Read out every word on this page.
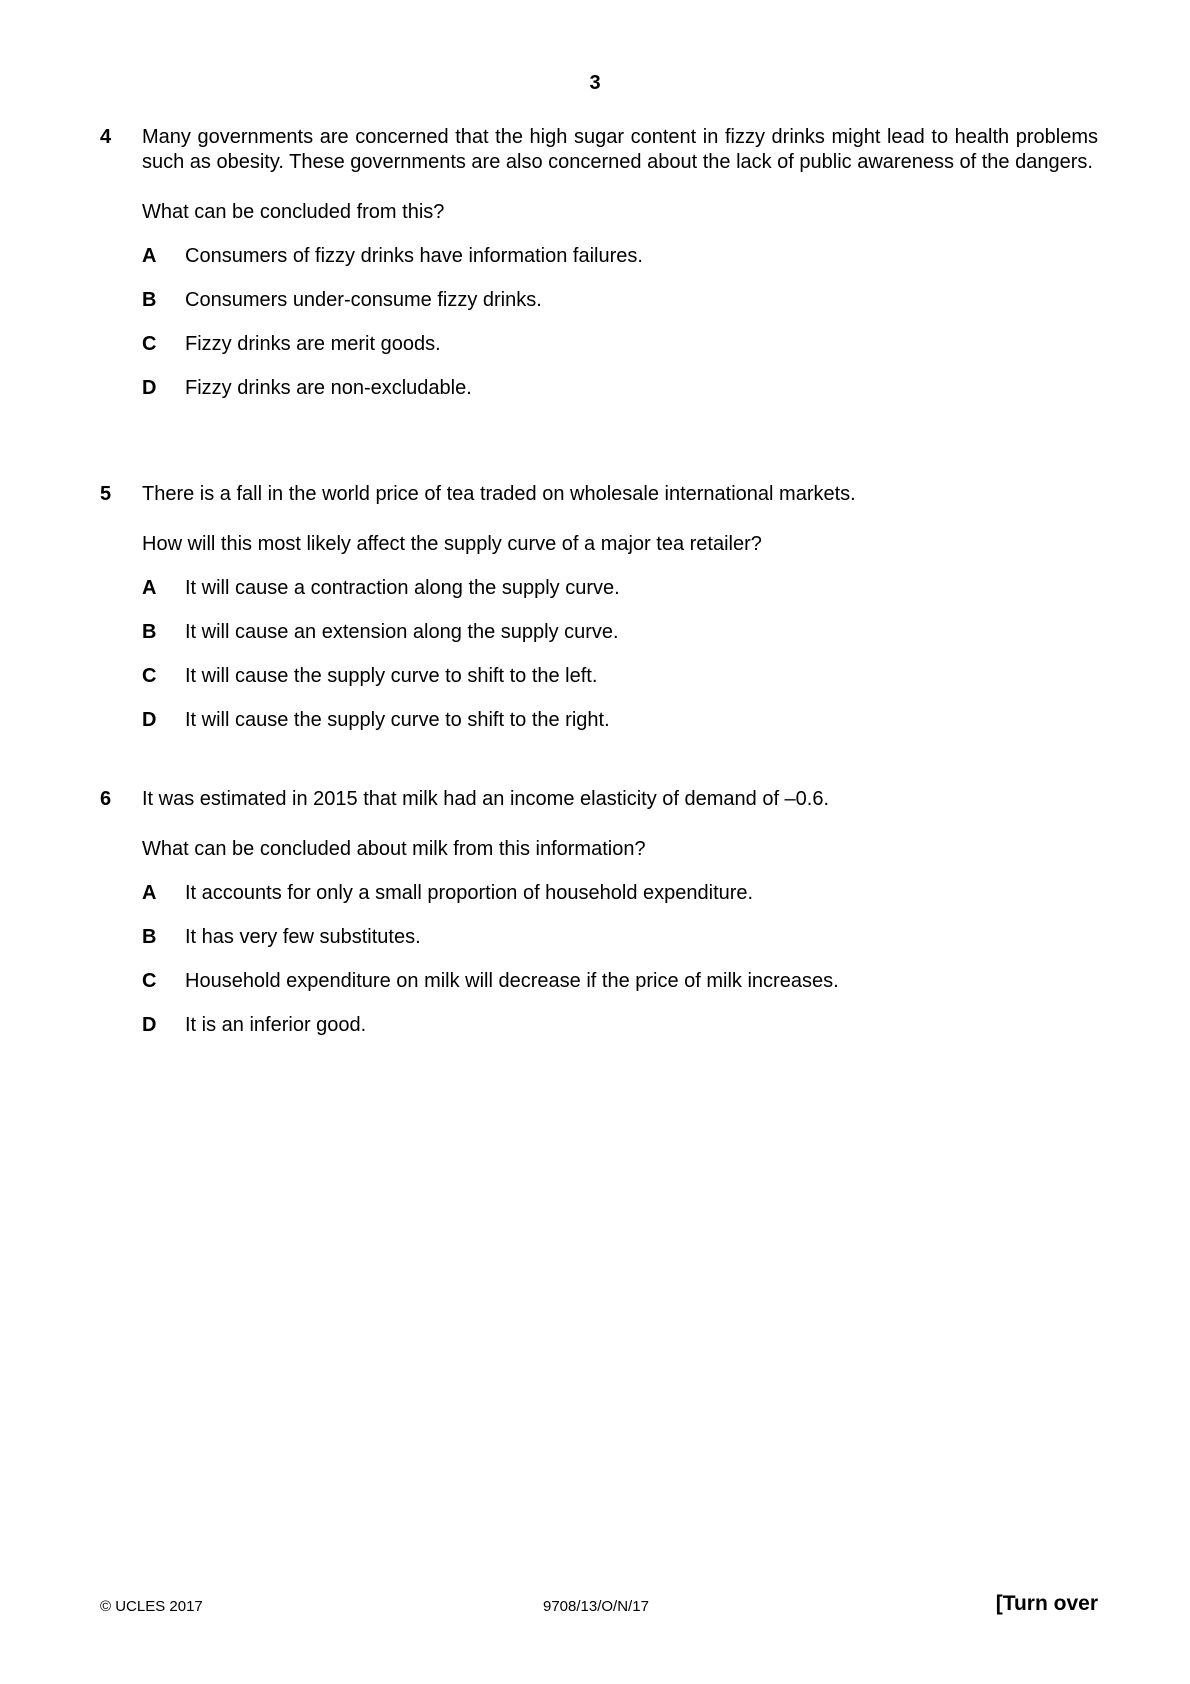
3
4 Many governments are concerned that the high sugar content in fizzy drinks might lead to health problems such as obesity. These governments are also concerned about the lack of public awareness of the dangers.
What can be concluded from this?
A Consumers of fizzy drinks have information failures.
B Consumers under-consume fizzy drinks.
C Fizzy drinks are merit goods.
D Fizzy drinks are non-excludable.
5 There is a fall in the world price of tea traded on wholesale international markets.
How will this most likely affect the supply curve of a major tea retailer?
A It will cause a contraction along the supply curve.
B It will cause an extension along the supply curve.
C It will cause the supply curve to shift to the left.
D It will cause the supply curve to shift to the right.
6 It was estimated in 2015 that milk had an income elasticity of demand of –0.6.
What can be concluded about milk from this information?
A It accounts for only a small proportion of household expenditure.
B It has very few substitutes.
C Household expenditure on milk will decrease if the price of milk increases.
D It is an inferior good.
© UCLES 2017	9708/13/O/N/17	[Turn over
